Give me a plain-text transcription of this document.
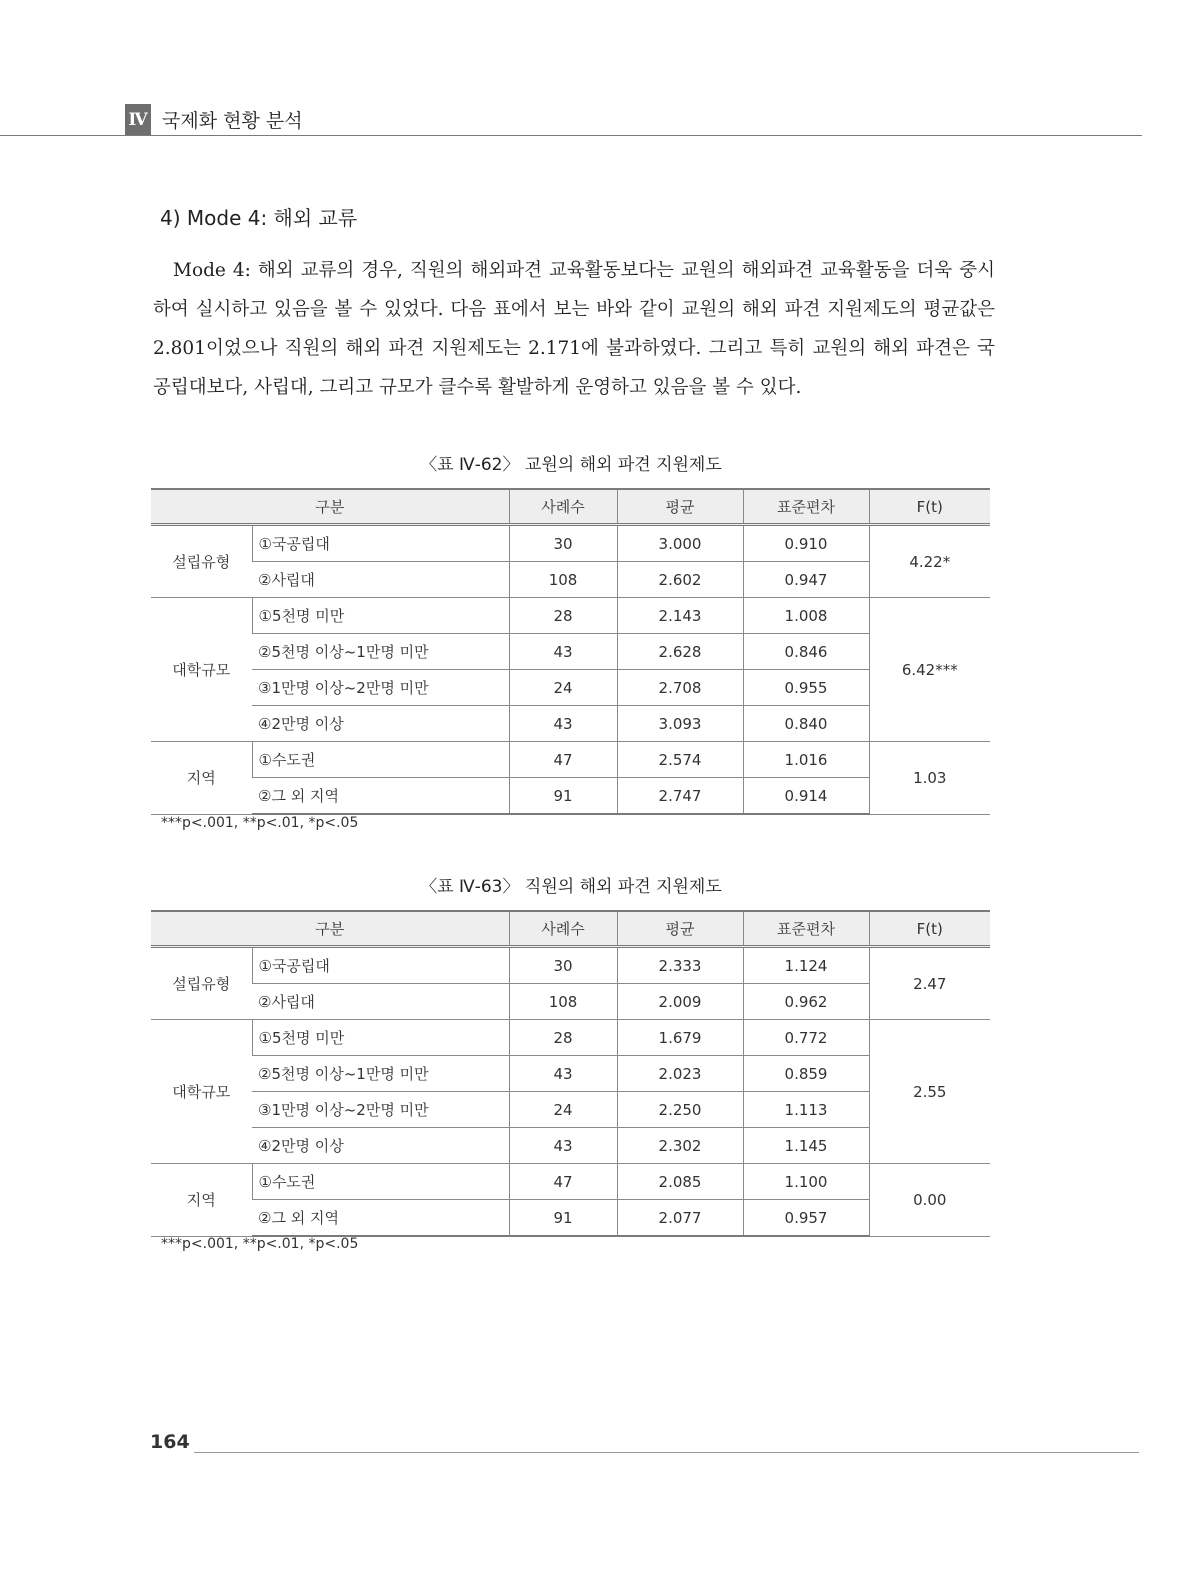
Ⅳ 국제화 현황 분석
4) Mode 4: 해외 교류

Mode 4: 해외 교류의 경우, 직원의 해외파견 교육활동보다는 교원의 해외파견 교육활동을 더욱 중시하여 실시하고 있음을 볼 수 있었다. 다음 표에서 보는 바와 같이 교원의 해외 파견 지원제도의 평균값은 2.801이었으나 직원의 해외 파견 지원제도는 2.171에 불과하였다. 그리고 특히 교원의 해외 파견은 국공립대보다, 사립대, 그리고 규모가 클수록 활발하게 운영하고 있음을 볼 수 있다.

〈표 Ⅳ-62〉 교원의 해외 파견 지원제도
구분		사례수	평균	표준편차	F(t)
설립유형	①국공립대	30	3.000	0.910	4.22*
	②사립대	108	2.602	0.947	
대학규모	①5천명 미만	28	2.143	1.008	6.42***
	②5천명 이상~1만명 미만	43	2.628	0.846	
	③1만명 이상~2만명 미만	24	2.708	0.955	
	④2만명 이상	43	3.093	0.840	
지역	①수도권	47	2.574	1.016	1.03
	②그 외 지역	91	2.747	0.914	
***p<.001, **p<.01, *p<.05
〈표 Ⅳ-63〉 직원의 해외 파견 지원제도
구분		사례수	평균	표준편차	F(t)
설립유형	①국공립대	30	2.333	1.124	2.47
	②사립대	108	2.009	0.962	
대학규모	①5천명 미만	28	1.679	0.772	2.55
	②5천명 이상~1만명 미만	43	2.023	0.859	
	③1만명 이상~2만명 미만	24	2.250	1.113	
	④2만명 이상	43	2.302	1.145	
지역	①수도권	47	2.085	1.100	0.00
	②그 외 지역	91	2.077	0.957	
***p<.001, **p<.01, *p<.05
164
